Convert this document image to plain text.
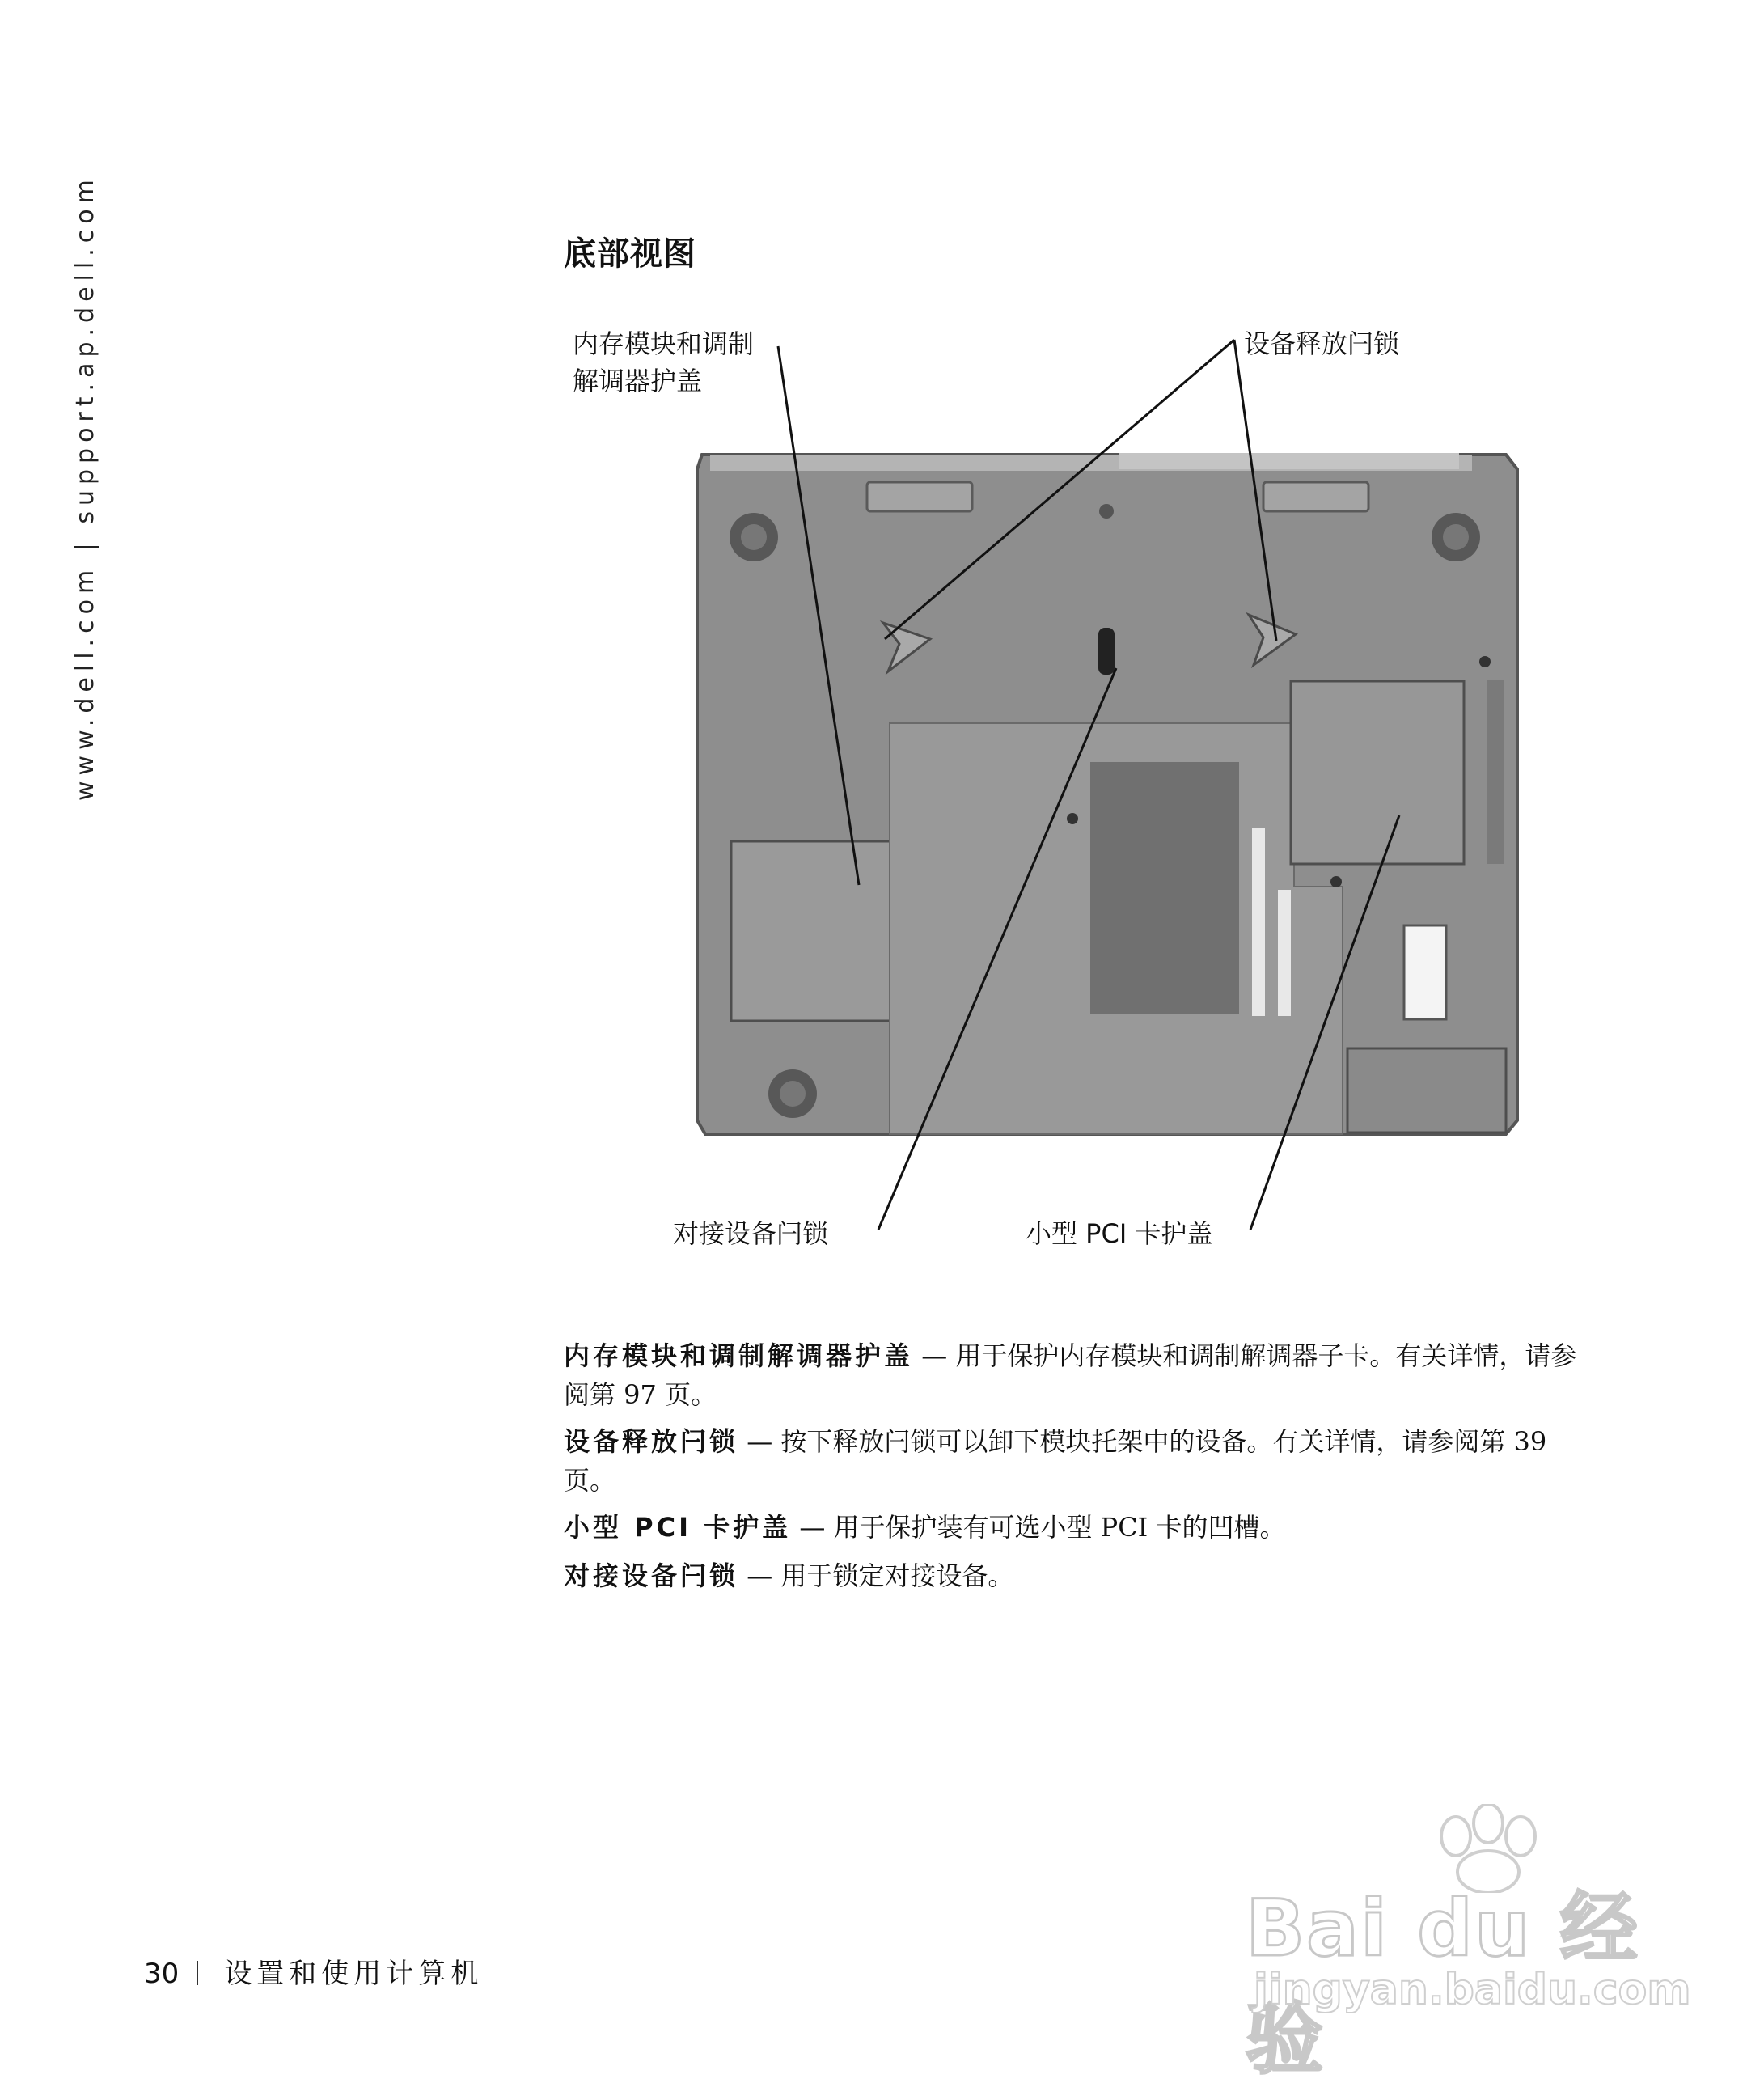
www.dell.com | support.ap.dell.com	底部视图
内存模块和调制
解调器护盖
设备释放闩锁
对接设备闩锁	小型 PCI 卡护盖

内存模块和调制解调器护盖 — 用于保护内存模块和调制解调器子卡。有关详情，请参阅第 97 页。

设备释放闩锁 — 按下释放闩锁可以卸下模块托架中的设备。有关详情，请参阅第 39 页。

小型 PCI 卡护盖 — 用于保护装有可选小型 PCI 卡的凹槽。

对接设备闩锁 — 用于锁定对接设备。

30 设置和使用计算机	Bai du 经验
jingyan.baidu.com
